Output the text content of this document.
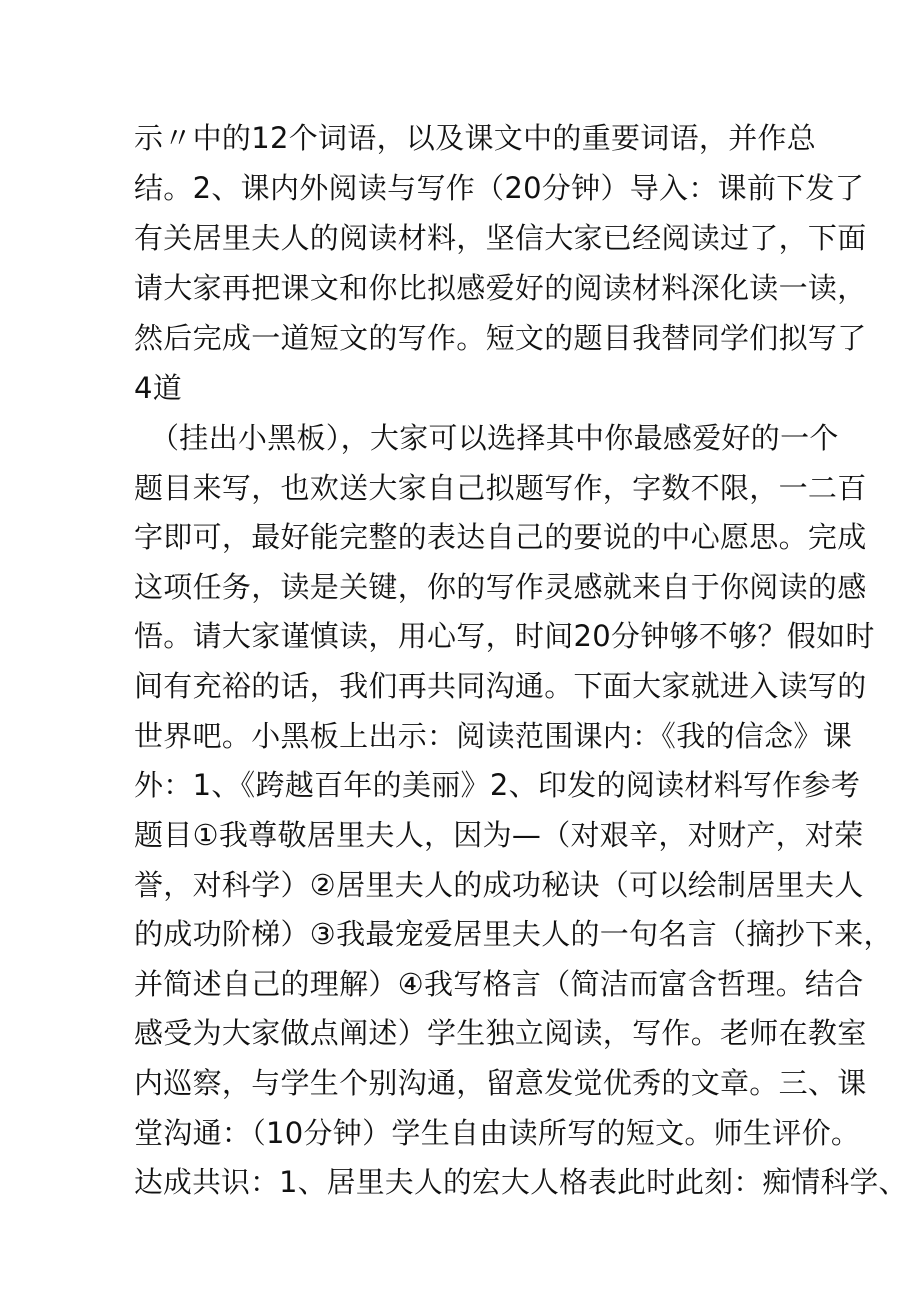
示〃中的12个词语，以及课文中的重要词语，并作总

结。2、课内外阅读与写作（20分钟）导入：课前下发了

有关居里夫人的阅读材料，坚信大家已经阅读过了，下面

请大家再把课文和你比拟感爱好的阅读材料深化读一读，

然后完成一道短文的写作。短文的题目我替同学们拟写了

4道

（挂出小黑板），大家可以选择其中你最感爱好的一个

题目来写，也欢送大家自己拟题写作，字数不限，一二百

字即可，最好能完整的表达自己的要说的中心愿思。完成

这项任务，读是关键，你的写作灵感就来自于你阅读的感

悟。请大家谨慎读，用心写，时间20分钟够不够？假如时

间有充裕的话，我们再共同沟通。下面大家就进入读写的

世界吧。小黑板上出示：阅读范围课内：《我的信念》课

外：1、《跨越百年的美丽》2、印发的阅读材料写作参考

题目①我尊敬居里夫人，因为—（对艰辛，对财产，对荣

誉，对科学）②居里夫人的成功秘诀（可以绘制居里夫人

的成功阶梯）③我最宠爱居里夫人的一句名言（摘抄下来，

并简述自己的理解）④我写格言（简洁而富含哲理。结合

感受为大家做点阐述）学生独立阅读，写作。老师在教室

内巡察，与学生个别沟通，留意发觉优秀的文章。三、课

堂沟通：（10分钟）学生自由读所写的短文。师生评价。

达成共识：1、居里夫人的宏大人格表此时此刻：痴情科学、
